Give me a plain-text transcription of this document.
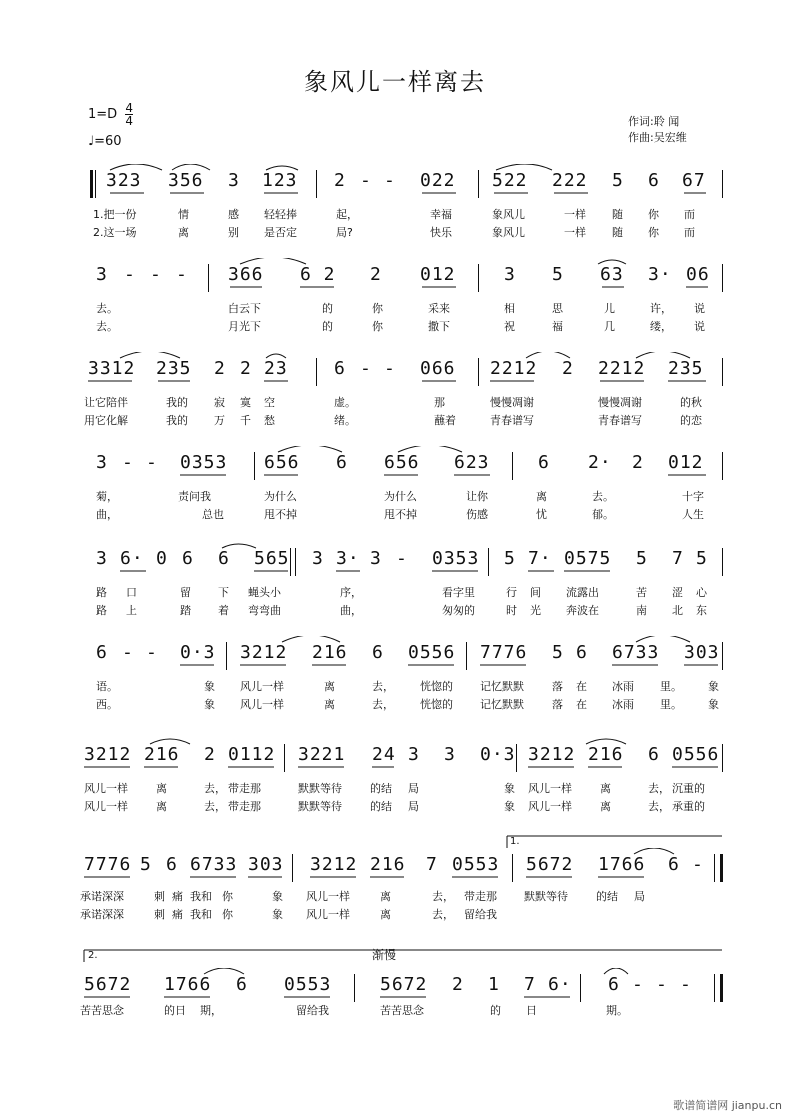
象风儿一样离去
$1=D \frac{4}{4}$
♩=60
作词:聆 闻
作曲:吴宏维
323 356 3 123 2 - - 022 522 222 5 6 67
1.把一份	情	感 轻轻捧	起，	幸福	象风儿	一样 随 你 而
2.这一场	离	别 是否定	局?	快乐	象风儿	一样 随 你 而
3 - - - 366 6 2 2 012	3 5 63 3· 06
去。	白云下	的	你	采来	相	思	儿	许， 说
去。	月光下	的	你	撒下	祝	福	几	缕， 说
3312 235 2 2 23	6 - - 066 2212 2 2212 235
让它陪伴	我的 寂 寞 空	虚。	那	慢慢凋谢	慢慢凋谢	的秋
用它化解	我的 万 千 愁	绪。	蘸着	青春谱写	青春谱写	的恋
3 - - 0353 656 6 656 623	6 2· 2 012
菊，	责问我	为什么	为什么	让你	离	去。	十字
曲，	总也	甩不掉	甩不掉	伤感	忧	郁。	人生
3 6· 0 6 6 565 3 3· 3 - 0353 5 7· 0575 5 7 5
路 口	留 下 蝇头小	序，	看字里	行 间 流露出	苦 涩 心
路 上	踏 着 弯弯曲	曲，	匆匆的	时 光 奔波在	南 北 东
6 - - 0·3 3212 216 6 0556 7776 5 6 6733 303
语。	象 风儿一样	离	去， 恍惚的 记忆默默	落 在 冰雨 里。 象
西。	象 风儿一样	离	去， 恍惚的 记忆默默	落 在 冰雨 里。 象
3212 216 2 0112 3221 24 3 3 0·3 3212 216 6 0556
风儿一样	离	去， 带走那	默默等待	的结 局	象 风儿一样	离	去， 沉重的
风儿一样	离	去， 带走那	默默等待	的结 局	象 风儿一样	离	去， 承重的
1.
7776 5 6 6733 303 3212 216 7 0553 5672 1766 6 -
承诺深深	刺 痛 我和 你	象 风儿一样	离	去， 带走那 默默等待	的结 局
承诺深深	刺 痛 我和 你	象 风儿一样	离	去， 留给我
2.	渐慢
5672 1766 6 0553	5672 2 1 7 6· 6 - - -
苦苦思念	的日 期，	留给我	苦苦思念	的 日	期。
歌谱简谱网 jianpu.cn
